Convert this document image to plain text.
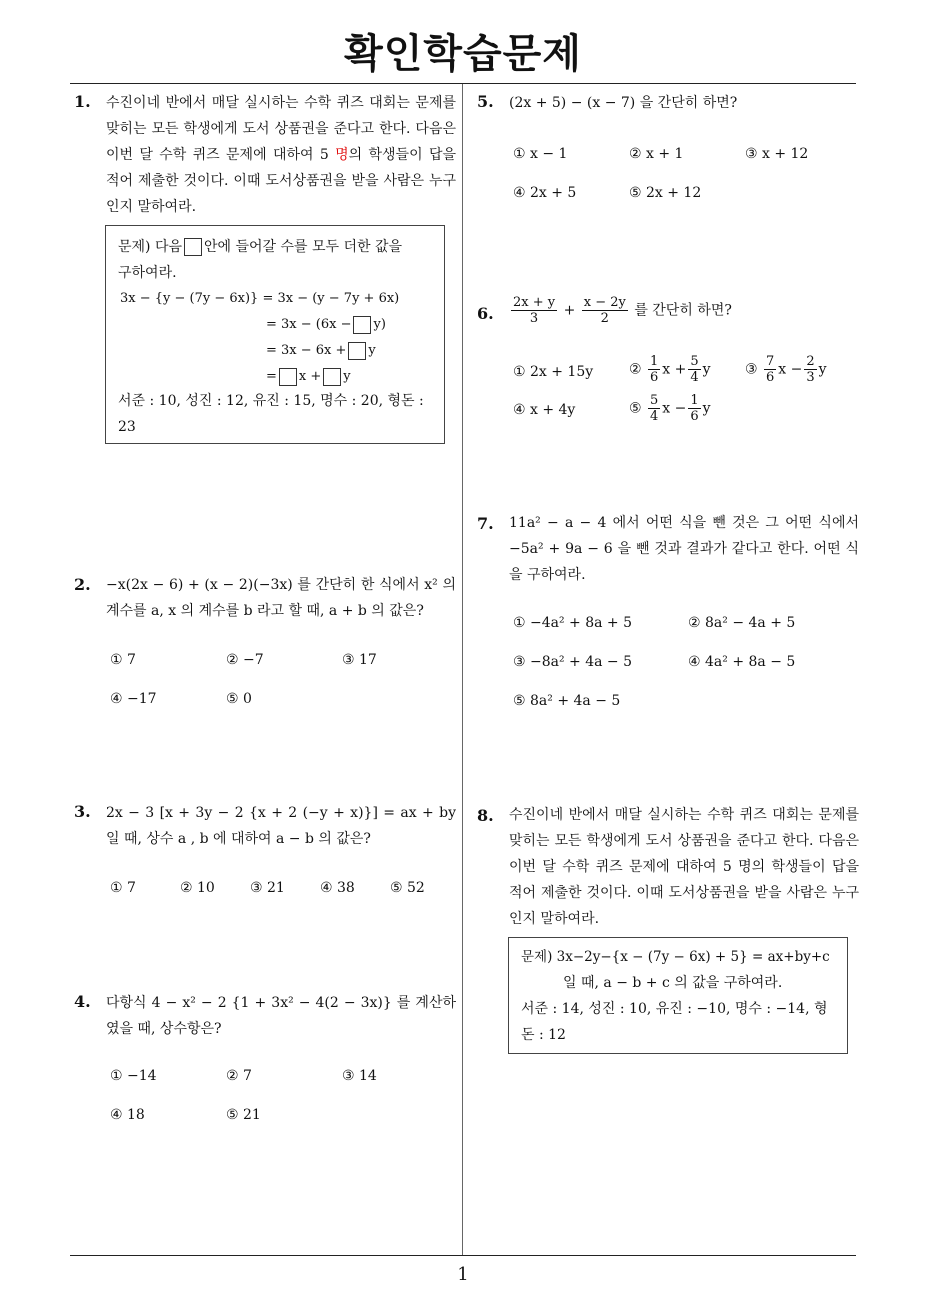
확인학습문제
1
1. 수진이네 반에서 매달 실시하는 수학 퀴즈 대회는 문제를 맞히는 모든 학생에게 도서 상품권을 준다고 한다. 다음은 이번 달 수학 퀴즈 문제에 대하여 5 명의 학생들이 답을 적어 제출한 것이다. 이때 도서상품권을 받을 사람은 누구인지 말하여라.
문제) 다음 안에 들어갈 수를 모두 더한 값을
구하여라.
3x − {y − (7y − 6x)} = 3x − (y − 7y + 6x)
= 3x − (6x − y)
= 3x − 6x + y
= x + y
서준 : 10, 성진 : 12, 유진 : 15, 명수 : 20, 형돈 : 23
2. −x(2x − 6) + (x − 2)(−3x) 를 간단히 한 식에서 x² 의 계수를 a, x 의 계수를 b 라고 할 때, a + b 의 값은?
① 7	② −7	③ 17
④ −17	⑤ 0
3. 2x − 3 [x + 3y − 2 {x + 2 (−y + x)}] = ax + by 일 때, 상수 a , b 에 대하여 a − b 의 값은?
① 7	② 10	③ 21	④ 38	⑤ 52
4. 다항식 4 − x² − 2 {1 + 3x² − 4(2 − 3x)} 를 계산하였을 때, 상수항은?
① −14	② 7	③ 14
④ 18	⑤ 21
5. (2x + 5) − (x − 7) 을 간단히 하면?
① x − 1	② x + 1	③ x + 12
④ 2x + 5	⑤ 2x + 12
6. $\frac{2x + y}{3} + \frac{x - 2y}{2}$ 를 간단히 하면?
① 2x + 15y	② $\frac{1}{6}$ $x + \frac{5}{4}$ y ③ $\frac{7}{6}$ $x - \frac{2}{3}$ y
④ x + 4y	⑤ $\frac{5}{4}$ $x - \frac{1}{6}$ y
7. 11a² − a − 4 에서 어떤 식을 뺀 것은 그 어떤 식에서 −5a² + 9a − 6 을 뺀 것과 결과가 같다고 한다. 어떤 식을 구하여라.
① −4a² + 8a + 5	② 8a² − 4a + 5
③ −8a² + 4a − 5	④ 4a² + 8a − 5
⑤ 8a² + 4a − 5
8. 수진이네 반에서 매달 실시하는 수학 퀴즈 대회는 문제를 맞히는 모든 학생에게 도서 상품권을 준다고 한다. 다음은 이번 달 수학 퀴즈 문제에 대하여 5 명의 학생들이 답을 적어 제출한 것이다. 이때 도서상품권을 받을 사람은 누구인지 말하여라.
문제) 3x−2y−{x − (7y − 6x) + 5} = ax+by+c
일 때, a − b + c 의 값을 구하여라.
서준 : 14, 성진 : 10, 유진 : −10, 명수 : −14, 형돈 : 12
